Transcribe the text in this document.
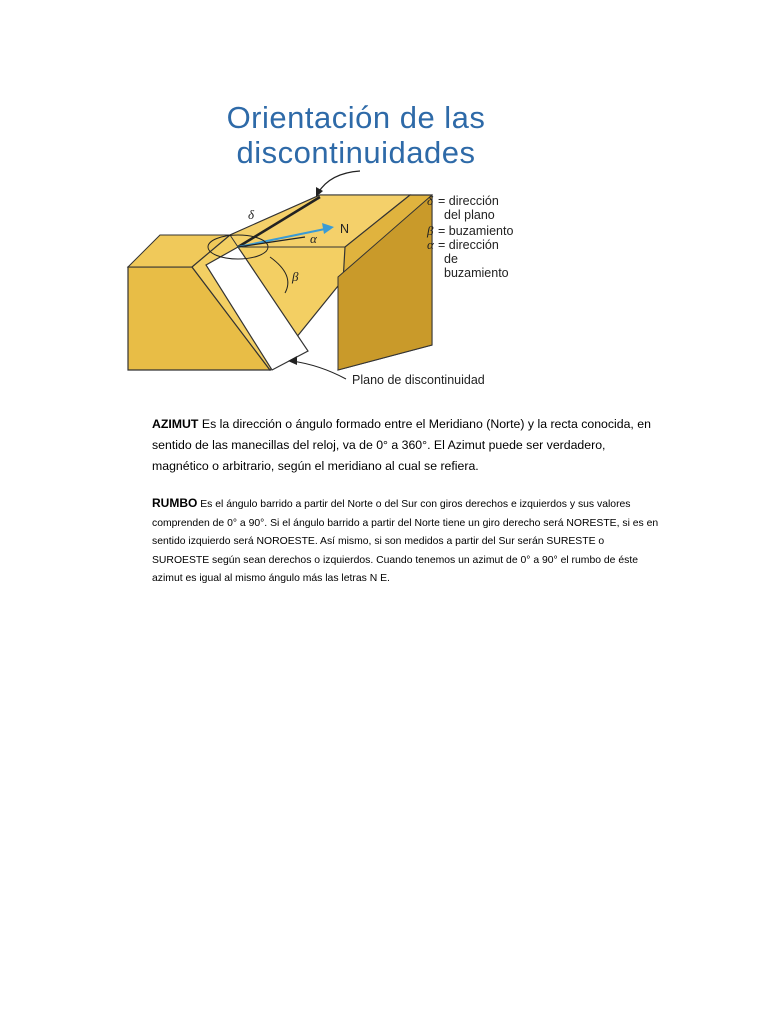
Orientación de las
discontinuidades
δ
N
α
β
δ = dirección
del plano
β = buzamiento
α = dirección
de
buzamiento
Plano de discontinuidad
AZIMUT Es la dirección o ángulo formado entre el Meridiano (Norte) y la recta conocida, en sentido de las manecillas del reloj, va de 0° a 360°. El Azimut puede ser verdadero, magnético o arbitrario, según el meridiano al cual se refiera.
RUMBO Es el ángulo barrido a partir del Norte o del Sur con giros derechos e izquierdos y sus valores comprenden de 0° a 90°. Si el ángulo barrido a partir del Norte tiene un giro derecho será NORESTE, si es en sentido izquierdo será NOROESTE. Así mismo, si son medidos a partir del Sur serán SURESTE o SUROESTE según sean derechos o izquierdos. Cuando tenemos un azimut de 0° a 90° el rumbo de éste azimut es igual al mismo ángulo más las letras N E.
